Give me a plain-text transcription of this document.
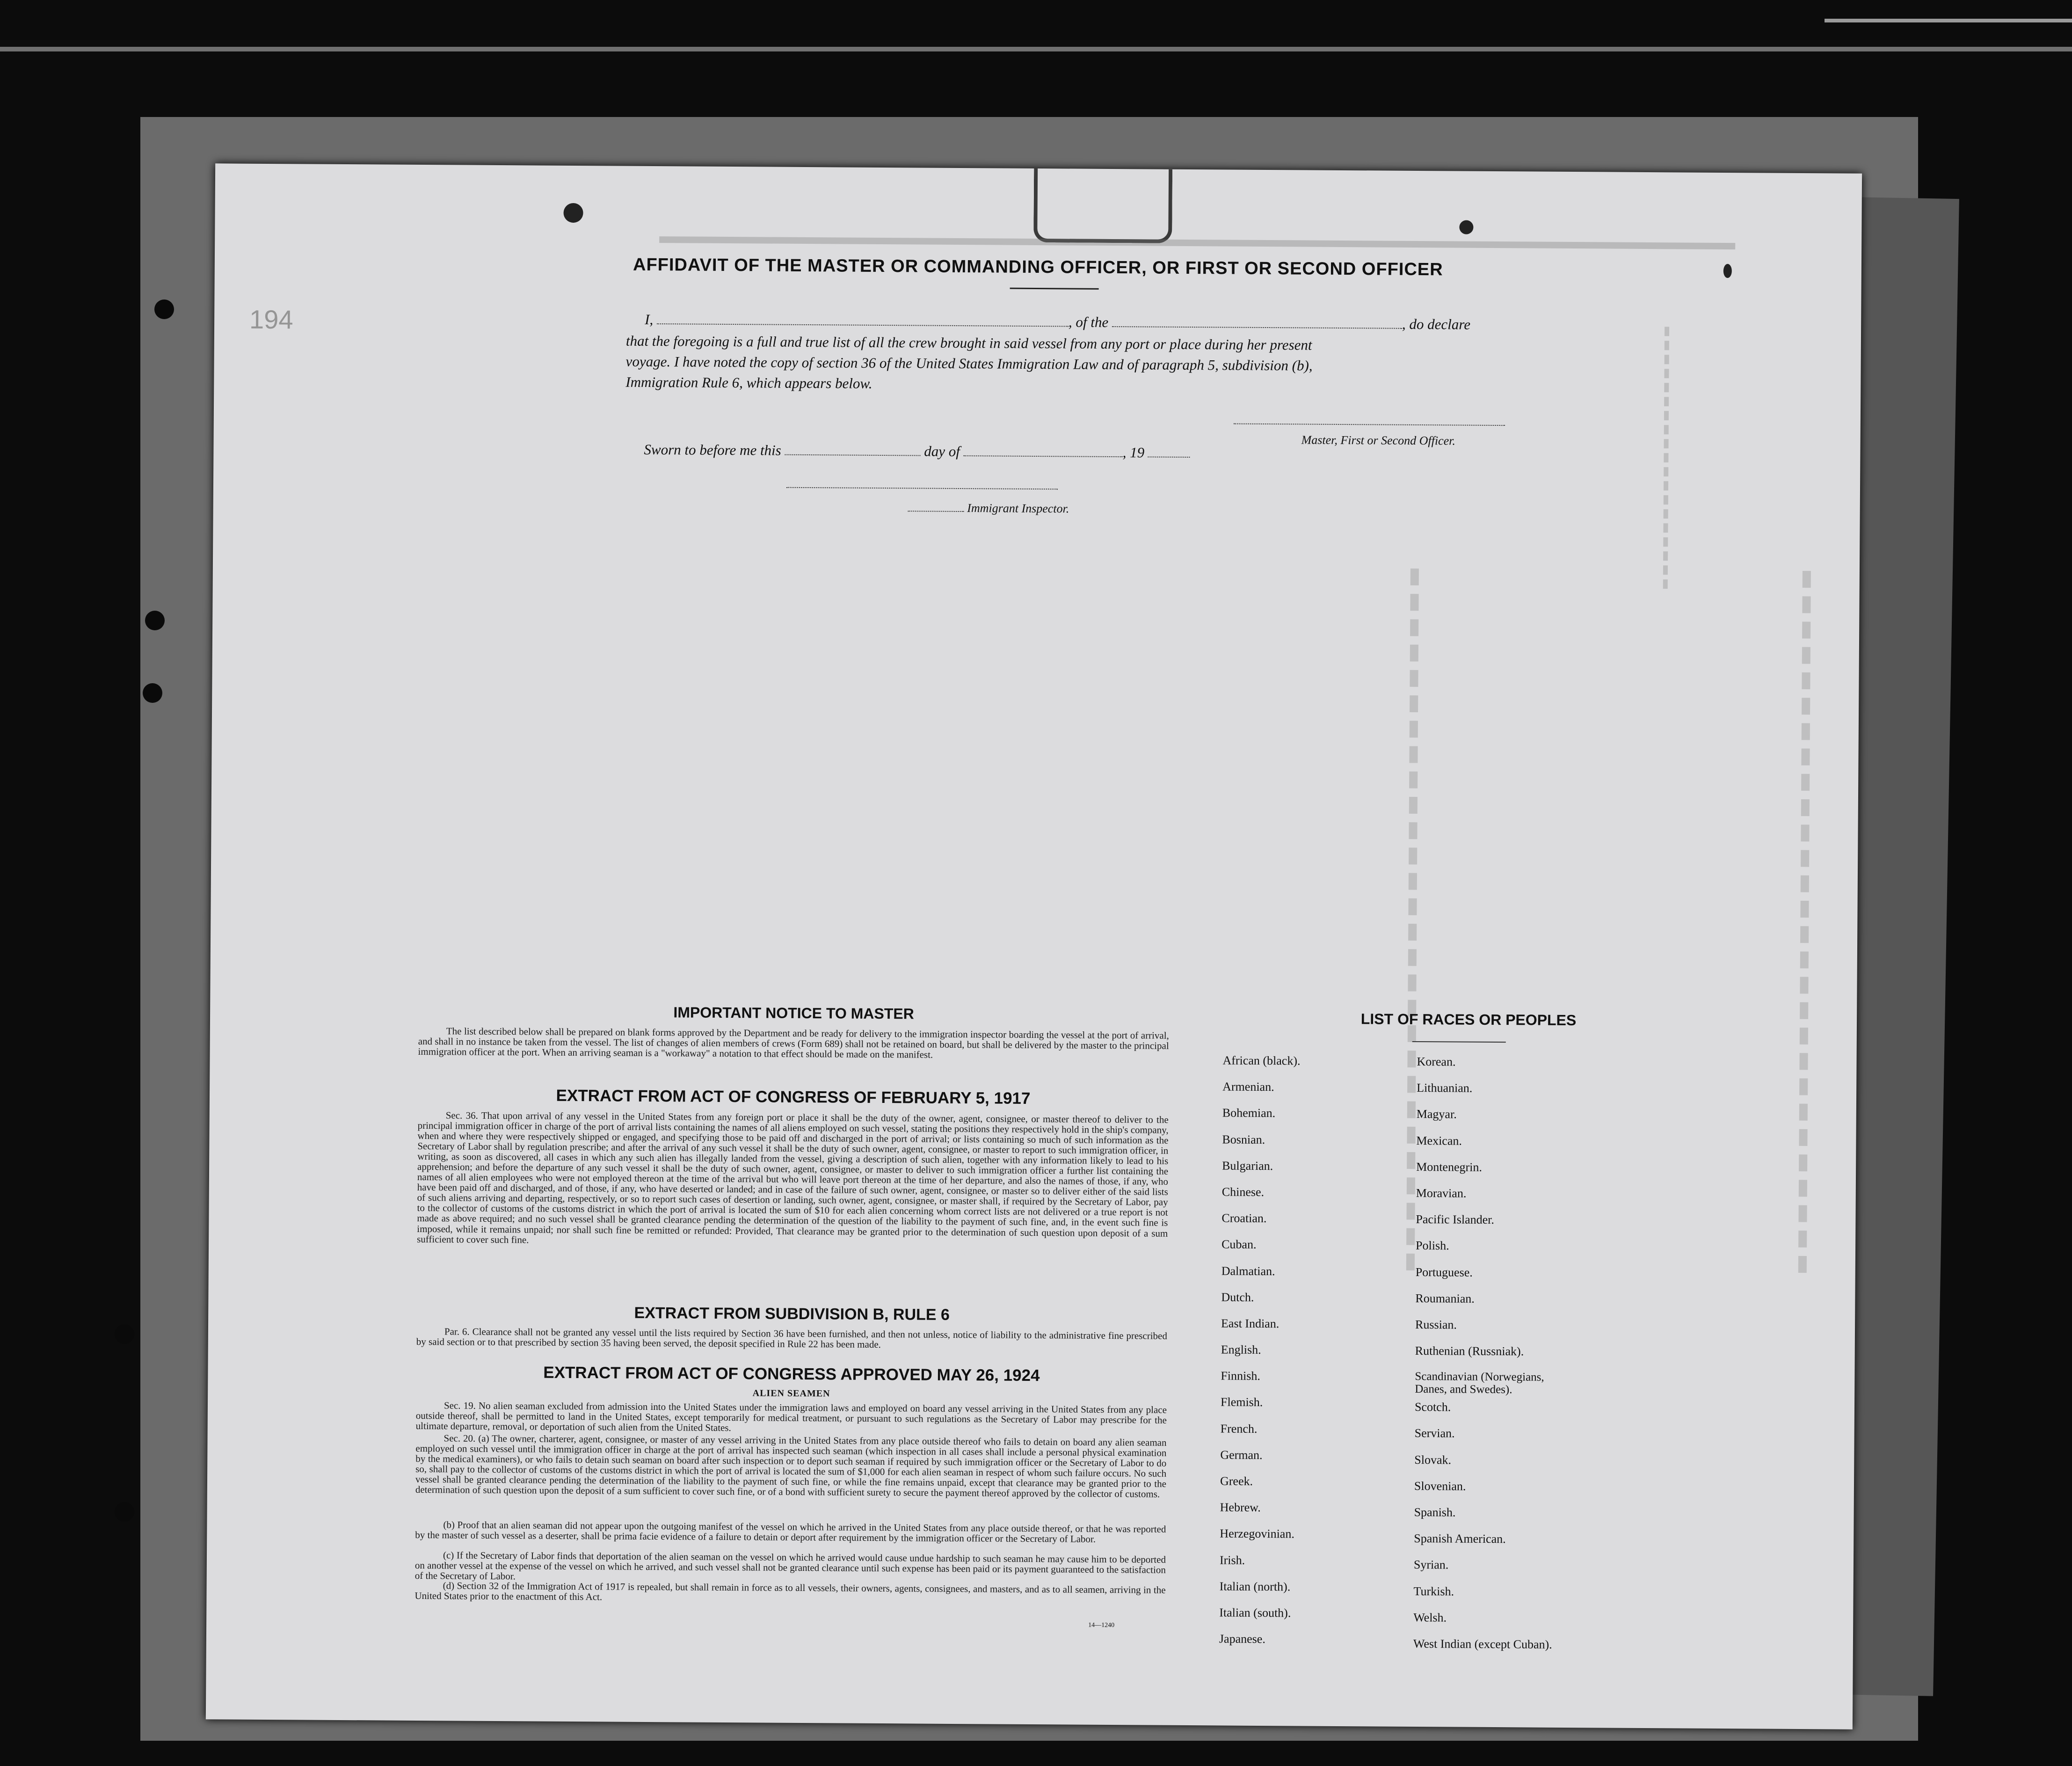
194
AFFIDAVIT OF THE MASTER OR COMMANDING OFFICER, OR FIRST OR SECOND OFFICER
I,	, of the	, do declare
that the foregoing is a full and true list of all the crew brought in said vessel from any port or place during her present
voyage. I have noted the copy of section 36 of the United States Immigration Law and of paragraph 5, subdivision (b),
Immigration Rule 6, which appears below.
Master, First or Second Officer.
Sworn to before me this	day of	, 19
Immigrant Inspector.
IMPORTANT NOTICE TO MASTER
The list described below shall be prepared on blank forms approved by the Department and be ready for delivery to the immigration inspector boarding the vessel at the port of arrival, and shall in no instance be taken from the vessel. The list of changes of alien members of crews (Form 689) shall not be retained on board, but shall be delivered by the master to the principal immigration officer at the port. When an arriving seaman is a "workaway" a notation to that effect should be made on the manifest.
EXTRACT FROM ACT OF CONGRESS OF FEBRUARY 5, 1917
Sec. 36. That upon arrival of any vessel in the United States from any foreign port or place it shall be the duty of the owner, agent, consignee, or master thereof to deliver to the principal immigration officer in charge of the port of arrival lists containing the names of all aliens employed on such vessel, stating the positions they respectively hold in the ship's company, when and where they were respectively shipped or engaged, and specifying those to be paid off and discharged in the port of arrival; or lists containing so much of such information as the Secretary of Labor shall by regulation prescribe; and after the arrival of any such vessel it shall be the duty of such owner, agent, consignee, or master to report to such immigration officer, in writing, as soon as discovered, all cases in which any such alien has illegally landed from the vessel, giving a description of such alien, together with any information likely to lead to his apprehension; and before the departure of any such vessel it shall be the duty of such owner, agent, consignee, or master to deliver to such immigration officer a further list containing the names of all alien employees who were not employed thereon at the time of the arrival but who will leave port thereon at the time of her departure, and also the names of those, if any, who have been paid off and discharged, and of those, if any, who have deserted or landed; and in case of the failure of such owner, agent, consignee, or master so to deliver either of the said lists of such aliens arriving and departing, respectively, or so to report such cases of desertion or landing, such owner, agent, consignee, or master shall, if required by the Secretary of Labor, pay to the collector of customs of the customs district in which the port of arrival is located the sum of $10 for each alien concerning whom correct lists are not delivered or a true report is not made as above required; and no such vessel shall be granted clearance pending the determination of the question of the liability to the payment of such fine, and, in the event such fine is imposed, while it remains unpaid; nor shall such fine be remitted or refunded: Provided, That clearance may be granted prior to the determination of such question upon deposit of a sum sufficient to cover such fine.
EXTRACT FROM SUBDIVISION B, RULE 6
Par. 6. Clearance shall not be granted any vessel until the lists required by Section 36 have been furnished, and then not unless, notice of liability to the administrative fine prescribed by said section or to that prescribed by section 35 having been served, the deposit specified in Rule 22 has been made.
EXTRACT FROM ACT OF CONGRESS APPROVED MAY 26, 1924
ALIEN SEAMEN
Sec. 19. No alien seaman excluded from admission into the United States under the immigration laws and employed on board any vessel arriving in the United States from any place outside thereof, shall be permitted to land in the United States, except temporarily for medical treatment, or pursuant to such regulations as the Secretary of Labor may prescribe for the ultimate departure, removal, or deportation of such alien from the United States.
Sec. 20. (a) The owner, charterer, agent, consignee, or master of any vessel arriving in the United States from any place outside thereof who fails to detain on board any alien seaman employed on such vessel until the immigration officer in charge at the port of arrival has inspected such seaman (which inspection in all cases shall include a personal physical examination by the medical examiners), or who fails to detain such seaman on board after such inspection or to deport such seaman if required by such immigration officer or the Secretary of Labor to do so, shall pay to the collector of customs of the customs district in which the port of arrival is located the sum of $1,000 for each alien seaman in respect of whom such failure occurs. No such vessel shall be granted clearance pending the determination of the liability to the payment of such fine, or while the fine remains unpaid, except that clearance may be granted prior to the determination of such question upon the deposit of a sum sufficient to cover such fine, or of a bond with sufficient surety to secure the payment thereof approved by the collector of customs.
(b) Proof that an alien seaman did not appear upon the outgoing manifest of the vessel on which he arrived in the United States from any place outside thereof, or that he was reported by the master of such vessel as a deserter, shall be prima facie evidence of a failure to detain or deport after requirement by the immigration officer or the Secretary of Labor.
(c) If the Secretary of Labor finds that deportation of the alien seaman on the vessel on which he arrived would cause undue hardship to such seaman he may cause him to be deported on another vessel at the expense of the vessel on which he arrived, and such vessel shall not be granted clearance until such expense has been paid or its payment guaranteed to the satisfaction of the Secretary of Labor.
(d) Section 32 of the Immigration Act of 1917 is repealed, but shall remain in force as to all vessels, their owners, agents, consignees, and masters, and as to all seamen, arriving in the United States prior to the enactment of this Act.
14—1240
LIST OF RACES OR PEOPLES
African (black).
Armenian.
Bohemian.
Bosnian.
Bulgarian.
Chinese.
Croatian.
Cuban.
Dalmatian.
Dutch.
East Indian.
English.
Finnish.
Flemish.
French.
German.
Greek.
Hebrew.
Herzegovinian.
Irish.
Italian (north).
Italian (south).
Japanese.
Korean.
Lithuanian.
Magyar.
Mexican.
Montenegrin.
Moravian.
Pacific Islander.
Polish.
Portuguese.
Roumanian.
Russian.
Ruthenian (Russniak).
Scandinavian (Norwegians, Danes, and Swedes).
Scotch.
Servian.
Slovak.
Slovenian.
Spanish.
Spanish American.
Syrian.
Turkish.
Welsh.
West Indian (except Cuban).
